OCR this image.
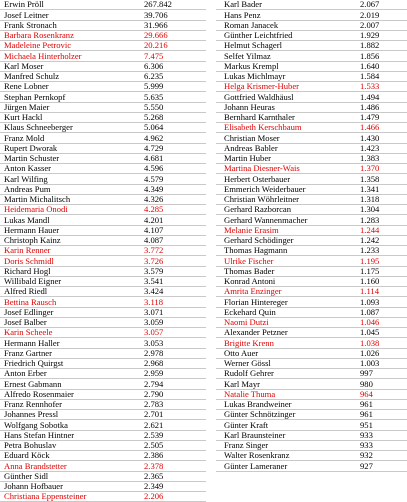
Erwin Pröll	267.842
Josef Leitner	39.706
Frank Stronach	31.966
Barbara Rosenkranz	29.666
Madeleine Petrovic	20.216
Michaela Hinterholzer	7.475
Karl Moser	6.306
Manfred Schulz	6.235
Rene Lobner	5.999
Stephan Pernkopf	5.635
Jürgen Maier	5.550
Kurt Hackl	5.268
Klaus Schneeberger	5.064
Franz Mold	4.962
Rupert Dworak	4.729
Martin Schuster	4.681
Anton Kasser	4.596
Karl Wilfing	4.579
Andreas Pum	4.349
Martin Michalitsch	4.326
Heidemaria Onodi	4.285
Lukas Mandl	4.201
Hermann Hauer	4.107
Christoph Kainz	4.087
Karin Renner	3.772
Doris Schmidl	3.726
Richard Hogl	3.579
Willibald Eigner	3.541
Alfred Riedl	3.424
Bettina Rausch	3.118
Josef Edlinger	3.071
Josef Balber	3.059
Karin Scheele	3.057
Hermann Haller	3.053
Franz Gartner	2.978
Friedrich Quirgst	2.968
Anton Erber	2.959
Ernest Gabmann	2.794
Alfredo Rosenmaier	2.790
Franz Rennhofer	2.783
Johannes Pressl	2.701
Wolfgang Sobotka	2.621
Hans Stefan Hintner	2.539
Petra Bohuslav	2.505
Eduard Köck	2.386
Anna Brandstetter	2.378
Günther Sidl	2.365
Johann Hofbauer	2.349
Christiana Eppensteiner	2.206
Karl Bader	2.067
Hans Penz	2.019
Roman Janacek	2.007
Günther Leichtfried	1.929
Helmut Schagerl	1.882
Selfet Yilmaz	1.856
Markus Krempl	1.640
Lukas Michlmayr	1.584
Helga Krismer-Huber	1.533
Gottfried Waldhäusl	1.494
Johann Heuras	1.486
Bernhard Karnthaler	1.479
Elisabeth Kerschbaum	1.466
Christian Moser	1.430
Andreas Babler	1.423
Martin Huber	1.383
Martina Diesner-Wais	1.370
Herbert Osterbauer	1.358
Emmerich Weiderbauer	1.341
Christian Wöhrleitner	1.318
Gerhard Razborcan	1.304
Gerhard Wannenmacher	1.283
Melanie Erasim	1.244
Gerhard Schödinger	1.242
Thomas Hagmann	1.233
Ulrike Fischer	1.195
Thomas Bader	1.175
Konrad Antoni	1.160
Amrita Enzinger	1.114
Florian Hintereger	1.093
Eckehard Quin	1.087
Naomi Dutzi	1.046
Alexander Petzner	1.045
Brigitte Krenn	1.038
Otto Auer	1.026
Werner Gössl	1.003
Rudolf Gehrer	997
Karl Mayr	980
Natalie Thuma	964
Lukas Brandweiner	961
Günter Schnötzinger	961
Günter Kraft	951
Karl Braunsteiner	933
Franz Singer	933
Walter Rosenkranz	932
Günter Lameraner	927
